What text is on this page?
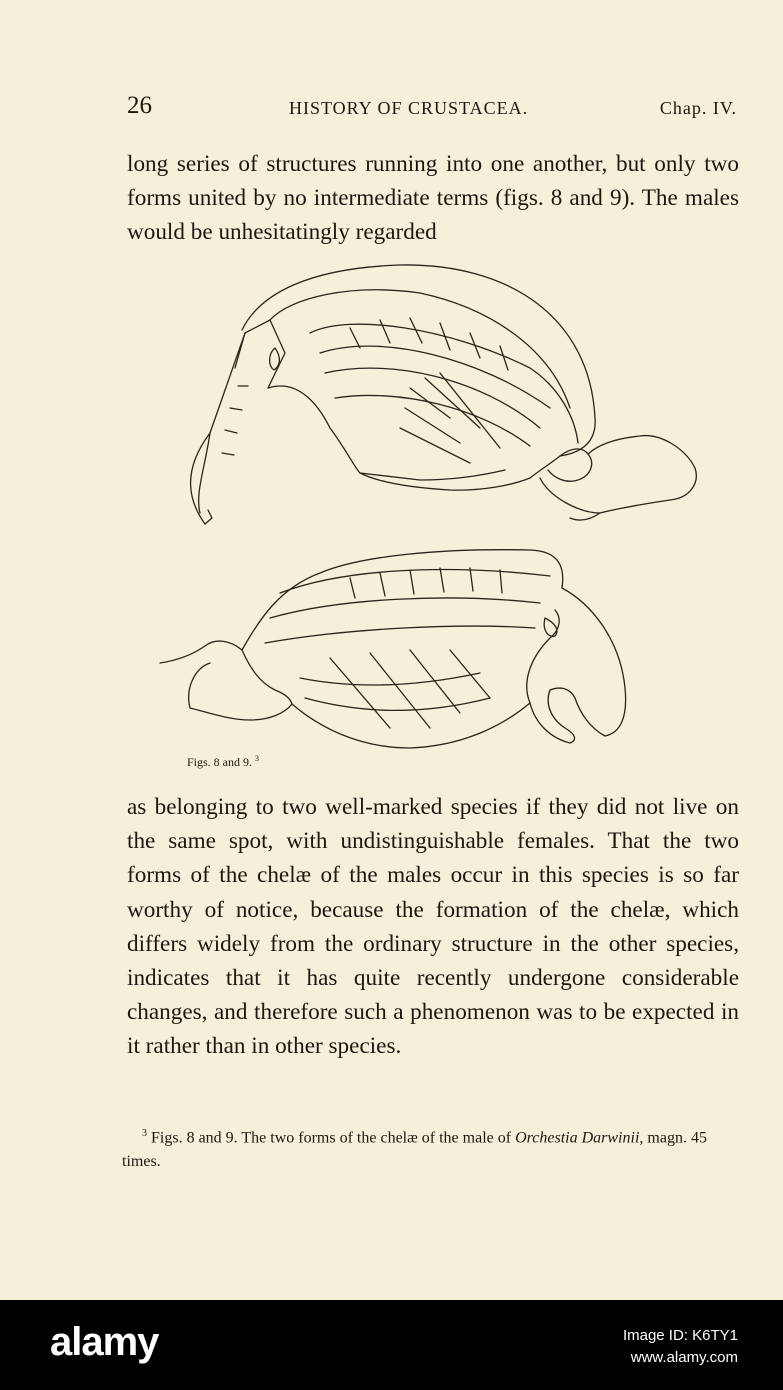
26	HISTORY OF CRUSTACEA.	Chap. IV.

long series of structures running into one another, but only two forms united by no intermediate terms (figs. 8 and 9). The males would be unhesitatingly regarded

Figs. 8 and 9. $^3$

as belonging to two well-marked species if they did not live on the same spot, with undistinguishable females. That the two forms of the chelæ of the males occur in this species is so far worthy of notice, because the formation of the chelæ, which differs widely from the ordinary structure in the other species, indicates that it has quite recently undergone considerable changes, and therefore such a phenomenon was to be expected in it rather than in other species.

$^3$ Figs. 8 and 9. The two forms of the chelæ of the male of Orchestia Darwinii, magn. 45 times.

alamy	Image ID: K6TY1
www.alamy.com
